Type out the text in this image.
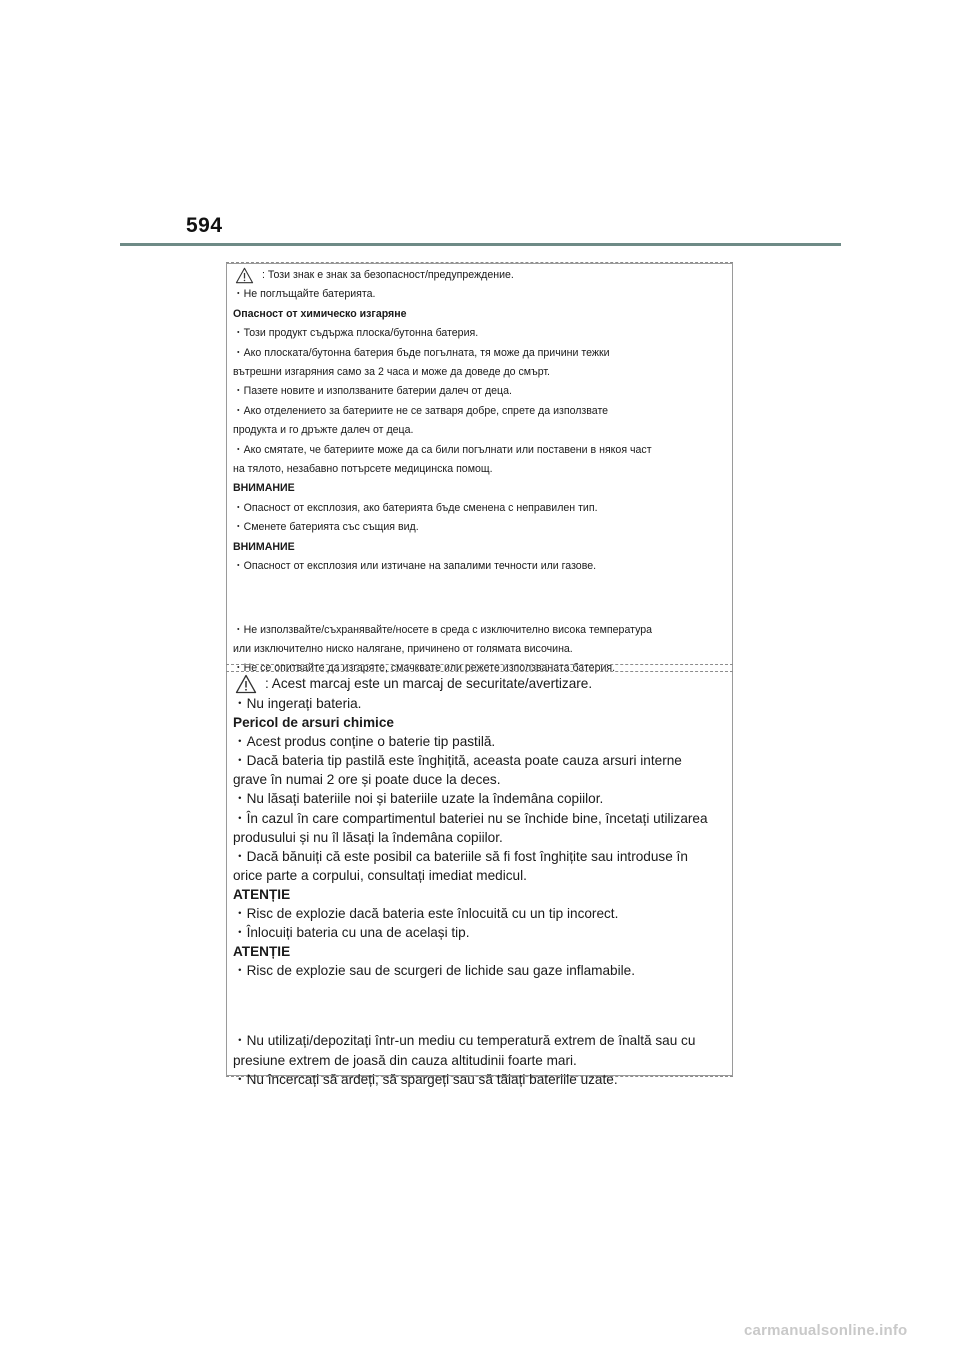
594
: Този знак е знак за безопасност/предупреждение.

・Не поглъщайте батерията.

Опасност от химическо изгаряне

・Този продукт съдържа плоска/бутонна батерия.

・Ако плоската/бутонна батерия бъде погълната, тя може да причини тежки

вътрешни изгаряния само за 2 часа и може да доведе до смърт.

・Пазете новите и използваните батерии далеч от деца.

・Ако отделението за батериите не се затваря добре, спрете да използвате

продукта и го дръжте далеч от деца.

・Ако смятате, че батериите може да са били погълнати или поставени в някоя част

на тялото, незабавно потърсете медицинска помощ.

ВНИМАНИЕ

・Опасност от експлозия, ако батерията бъде сменена с неправилен тип.

・Сменете батерията със същия вид.

ВНИМАНИЕ

・Опасност от експлозия или изтичане на запалими течности или газове.

・Не използвайте/съхранявайте/носете в среда с изключително висока температура

или изключително ниско налягане, причинено от голямата височина.

・Не се опитвайте да изгаряте, смачквате или режете използваната батерия.

: Acest marcaj este un marcaj de securitate/avertizare.

・Nu ingerați bateria.

Pericol de arsuri chimice

・Acest produs conține o baterie tip pastilă.

・Dacă bateria tip pastilă este înghițită, aceasta poate cauza arsuri interne

grave în numai 2 ore și poate duce la deces.

・Nu lăsați bateriile noi și bateriile uzate la îndemâna copiilor.

・În cazul în care compartimentul bateriei nu se închide bine, încetați utilizarea

produsului și nu îl lăsați la îndemâna copiilor.

・Dacă bănuiți că este posibil ca bateriile să fi fost înghițite sau introduse în

orice parte a corpului, consultați imediat medicul.

ATENȚIE

・Risc de explozie dacă bateria este înlocuită cu un tip incorect.

・Înlocuiți bateria cu una de același tip.

ATENȚIE

・Risc de explozie sau de scurgeri de lichide sau gaze inflamabile.

・Nu utilizați/depozitați într-un mediu cu temperatură extrem de înaltă sau cu

presiune extrem de joasă din cauza altitudinii foarte mari.

・Nu încercați să ardeți, să spargeți sau să tăiați bateriile uzate.

carmanualsonline.info
